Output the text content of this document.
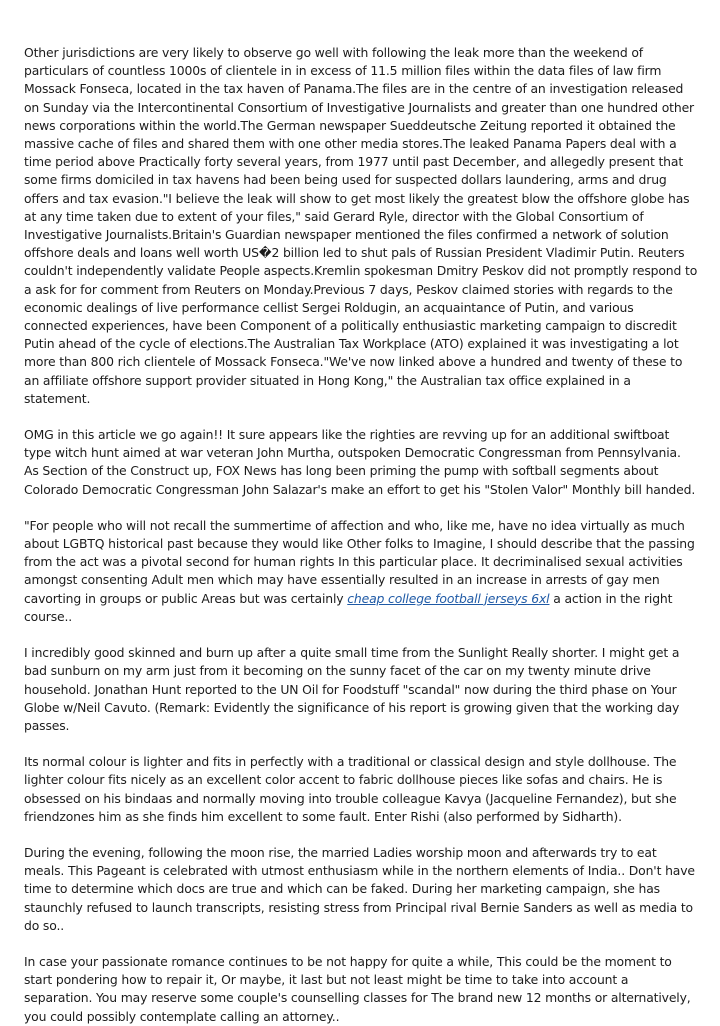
Other jurisdictions are very likely to observe go well with following the leak more than the weekend of particulars of countless 1000s of clientele in in excess of 11.5 million files within the data files of law firm Mossack Fonseca, located in the tax haven of Panama.The files are in the centre of an investigation released on Sunday via the Intercontinental Consortium of Investigative Journalists and greater than one hundred other news corporations within the world.The German newspaper Sueddeutsche Zeitung reported it obtained the massive cache of files and shared them with one other media stores.The leaked Panama Papers deal with a time period above Practically forty several years, from 1977 until past December, and allegedly present that some firms domiciled in tax havens had been being used for suspected dollars laundering, arms and drug offers and tax evasion."I believe the leak will show to get most likely the greatest blow the offshore globe has at any time taken due to extent of your files," said Gerard Ryle, director with the Global Consortium of Investigative Journalists.Britain's Guardian newspaper mentioned the files confirmed a network of solution offshore deals and loans well worth US�2 billion led to shut pals of Russian President Vladimir Putin. Reuters couldn't independently validate People aspects.Kremlin spokesman Dmitry Peskov did not promptly respond to a ask for for comment from Reuters on Monday.Previous 7 days, Peskov claimed stories with regards to the economic dealings of live performance cellist Sergei Roldugin, an acquaintance of Putin, and various connected experiences, have been Component of a politically enthusiastic marketing campaign to discredit Putin ahead of the cycle of elections.The Australian Tax Workplace (ATO) explained it was investigating a lot more than 800 rich clientele of Mossack Fonseca."We've now linked above a hundred and twenty of these to an affiliate offshore support provider situated in Hong Kong," the Australian tax office explained in a statement.

OMG in this article we go again!! It sure appears like the righties are revving up for an additional swiftboat type witch hunt aimed at war veteran John Murtha, outspoken Democratic Congressman from Pennsylvania. As Section of the Construct up, FOX News has long been priming the pump with softball segments about Colorado Democratic Congressman John Salazar's make an effort to get his "Stolen Valor" Monthly bill handed.

"For people who will not recall the summertime of affection and who, like me, have no idea virtually as much about LGBTQ historical past because they would like Other folks to Imagine, I should describe that the passing from the act was a pivotal second for human rights In this particular place. It decriminalised sexual activities amongst consenting Adult men which may have essentially resulted in an increase in arrests of gay men cavorting in groups or public Areas but was certainly cheap college football jerseys 6xl a action in the right course..

I incredibly good skinned and burn up after a quite small time from the Sunlight Really shorter. I might get a bad sunburn on my arm just from it becoming on the sunny facet of the car on my twenty minute drive household. Jonathan Hunt reported to the UN Oil for Foodstuff "scandal" now during the third phase on Your Globe w/Neil Cavuto. (Remark: Evidently the significance of his report is growing given that the working day passes.

Its normal colour is lighter and fits in perfectly with a traditional or classical design and style dollhouse. The lighter colour fits nicely as an excellent color accent to fabric dollhouse pieces like sofas and chairs. He is obsessed on his bindaas and normally moving into trouble colleague Kavya (Jacqueline Fernandez), but she friendzones him as she finds him excellent to some fault. Enter Rishi (also performed by Sidharth).

During the evening, following the moon rise, the married Ladies worship moon and afterwards try to eat meals. This Pageant is celebrated with utmost enthusiasm while in the northern elements of India.. Don't have time to determine which docs are true and which can be faked. During her marketing campaign, she has staunchly refused to launch transcripts, resisting stress from Principal rival Bernie Sanders as well as media to do so..

In case your passionate romance continues to be not happy for quite a while, This could be the moment to start pondering how to repair it, Or maybe, it last but not least might be time to take into account a separation. You may reserve some couple's counselling classes for The brand new 12 months or alternatively, you could possibly contemplate calling an attorney..
